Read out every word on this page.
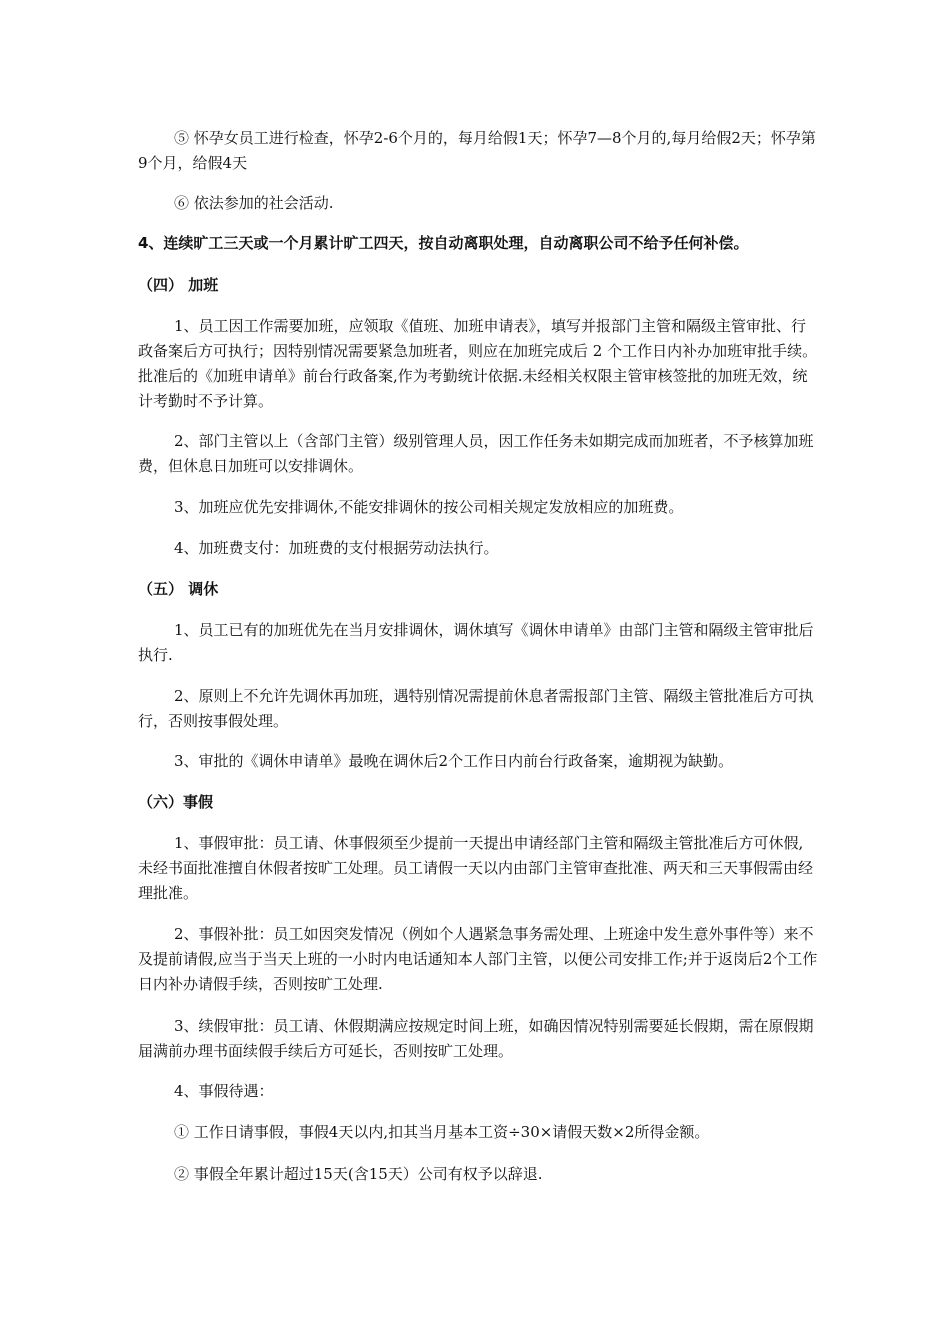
⑤ 怀孕女员工进行检查，怀孕2-6个月的，每月给假1天；怀孕7—8个月的,每月给假2天；怀孕第9个月，给假4天

⑥ 依法参加的社会活动.

4、连续旷工三天或一个月累计旷工四天，按自动离职处理，自动离职公司不给予任何补偿。

（四） 加班

1、员工因工作需要加班，应领取《值班、加班申请表》，填写并报部门主管和隔级主管审批、行政备案后方可执行；因特别情况需要紧急加班者，则应在加班完成后 2 个工作日内补办加班审批手续。批准后的《加班申请单》前台行政备案,作为考勤统计依据.未经相关权限主管审核签批的加班无效，统计考勤时不予计算。

2、部门主管以上（含部门主管）级别管理人员，因工作任务未如期完成而加班者，不予核算加班费，但休息日加班可以安排调休。

3、加班应优先安排调休,不能安排调休的按公司相关规定发放相应的加班费。

4、加班费支付：加班费的支付根据劳动法执行。

（五） 调休

1、员工已有的加班优先在当月安排调休，调休填写《调休申请单》由部门主管和隔级主管审批后执行.

2、原则上不允许先调休再加班，遇特别情况需提前休息者需报部门主管、隔级主管批准后方可执行，否则按事假处理。

3、审批的《调休申请单》最晚在调休后2个工作日内前台行政备案，逾期视为缺勤。

（六）事假

1、事假审批：员工请、休事假须至少提前一天提出申请经部门主管和隔级主管批准后方可休假,未经书面批准擅自休假者按旷工处理。员工请假一天以内由部门主管审查批准、两天和三天事假需由经理批准。

2、事假补批：员工如因突发情况（例如个人遇紧急事务需处理、上班途中发生意外事件等）来不及提前请假,应当于当天上班的一小时内电话通知本人部门主管，以便公司安排工作;并于返岗后2个工作日内补办请假手续，否则按旷工处理.

3、续假审批：员工请、休假期满应按规定时间上班，如确因情况特别需要延长假期，需在原假期届满前办理书面续假手续后方可延长，否则按旷工处理。

4、事假待遇：

① 工作日请事假，事假4天以内,扣其当月基本工资÷30×请假天数×2所得金额。

② 事假全年累计超过15天(含15天）公司有权予以辞退.
